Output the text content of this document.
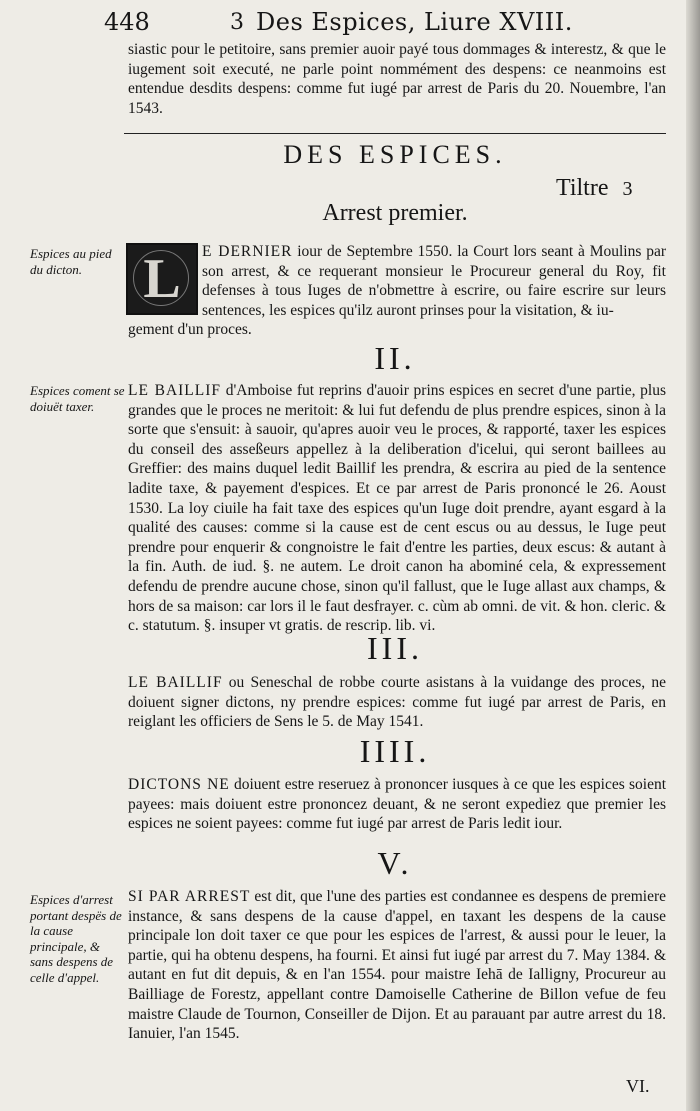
448	3 Des Espices, Liure XVIII.
siastic pour le petitoire, sans premier auoir payé tous dommages & interestz, & que le iugement soit executé, ne parle point nommément des despens: ce neanmoins est entendue desdits despens: comme fut iugé par arrest de Paris du 20. Nouembre, l'an 1543.
DES ESPICES.
Tiltre 3
Arrest premier.
Espices au pied du dicton.	L	E DERNIER iour de Septembre 1550. la Court lors seant à Moulins par son arrest, & ce requerant monsieur le Procureur general du Roy, fit defenses à tous Iuges de n'obmettre à escrire, ou faire escrire sur leurs sentences, les espices qu'ilz auront prinses pour la visitation, & iu-
gement d'un proces.
II.
Espices coment se doiuët taxer.
LE BAILLIF d'Amboise fut reprins d'auoir prins espices en secret d'une partie, plus grandes que le proces ne meritoit: & lui fut defendu de plus prendre espices, sinon à la sorte que s'ensuit: à sauoir, qu'apres auoir veu le proces, & rapporté, taxer les espices du conseil des asseßeurs appellez à la deliberation d'icelui, qui seront baillees au Greffier: des mains duquel ledit Baillif les prendra, & escrira au pied de la sentence ladite taxe, & payement d'espices. Et ce par arrest de Paris prononcé le 26. Aoust 1530. La loy ciuile ha fait taxe des espices qu'un Iuge doit prendre, ayant esgard à la qualité des causes: comme si la cause est de cent escus ou au dessus, le Iuge peut prendre pour enquerir & congnoistre le fait d'entre les parties, deux escus: & autant à la fin. Auth. de iud. §. ne autem. Le droit canon ha abominé cela, & expressement defendu de prendre aucune chose, sinon qu'il fallust, que le Iuge allast aux champs, & hors de sa maison: car lors il le faut desfrayer. c. cùm ab omni. de vit. & hon. cleric. & c. statutum. §. insuper vt gratis. de rescrip. lib. vi.
III.
LE BAILLIF ou Seneschal de robbe courte asistans à la vuidange des proces, ne doiuent signer dictons, ny prendre espices: comme fut iugé par arrest de Paris, en reiglant les officiers de Sens le 5. de May 1541.
IIII.
DICTONS NE doiuent estre reseruez à prononcer iusques à ce que les espices soient payees: mais doiuent estre prononcez deuant, & ne seront expediez que premier les espices ne soient payees: comme fut iugé par arrest de Paris ledit iour.
V.
Espices d'arrest portant despës de la cause principale, & sans despens de celle d'appel.
SI PAR ARREST est dit, que l'une des parties est condannee es despens de premiere instance, & sans despens de la cause d'appel, en taxant les despens de la cause principale lon doit taxer ce que pour les espices de l'arrest, & aussi pour le leuer, la partie, qui ha obtenu despens, ha fourni. Et ainsi fut iugé par arrest du 7. May 1384. & autant en fut dit depuis, & en l'an 1554. pour maistre Iehā de Ialligny, Procureur au Bailliage de Forestz, appellant contre Damoiselle Catherine de Billon vefue de feu maistre Claude de Tournon, Conseiller de Dijon. Et au parauant par autre arrest du 18. Ianuier, l'an 1545.
VI.
